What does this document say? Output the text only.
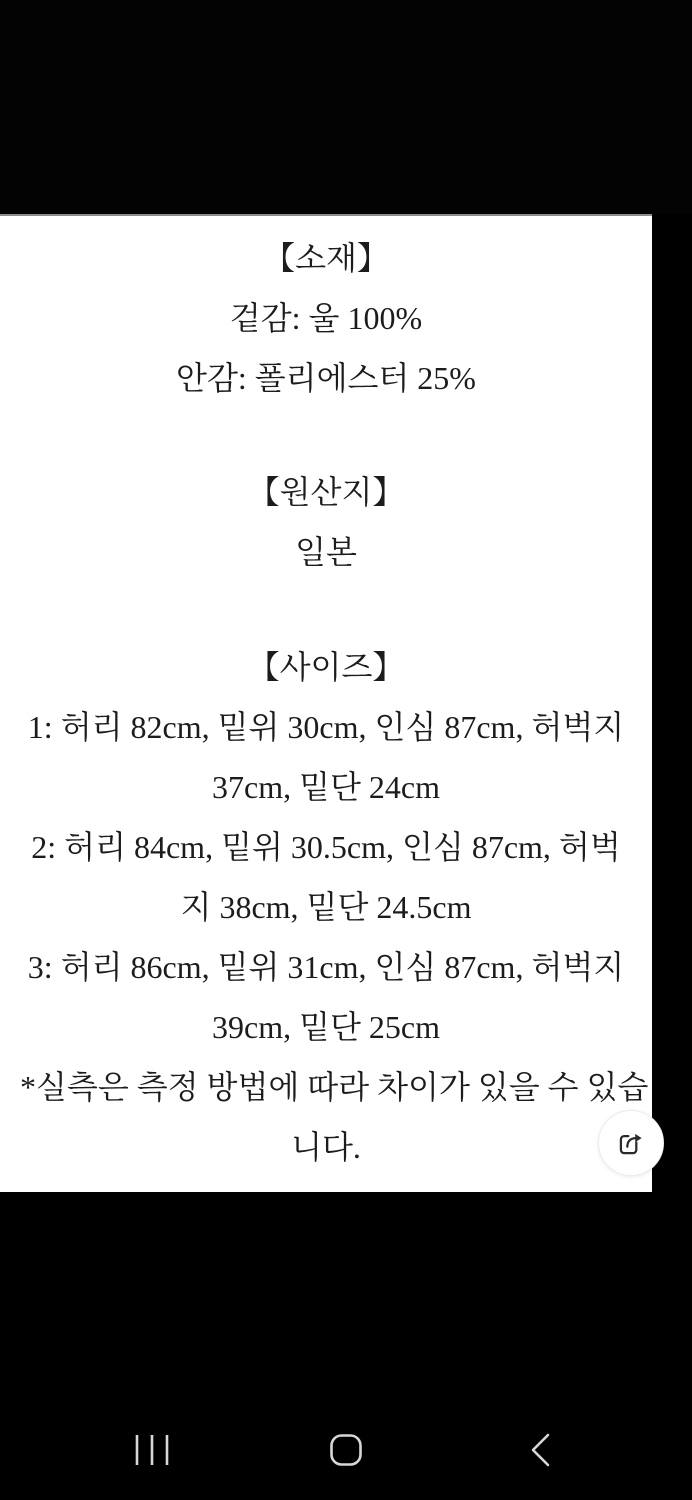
【소재】
겉감: 울 100%
안감: 폴리에스터 25%
【원산지】
일본
【사이즈】
1: 허리 82cm, 밑위 30cm, 인심 87cm, 허벅지
37cm, 밑단 24cm
2: 허리 84cm, 밑위 30.5cm, 인심 87cm, 허벅
지 38cm, 밑단 24.5cm
3: 허리 86cm, 밑위 31cm, 인심 87cm, 허벅지
39cm, 밑단 25cm
*실측은 측정 방법에 따라 차이가 있을 수 있습
니다.
